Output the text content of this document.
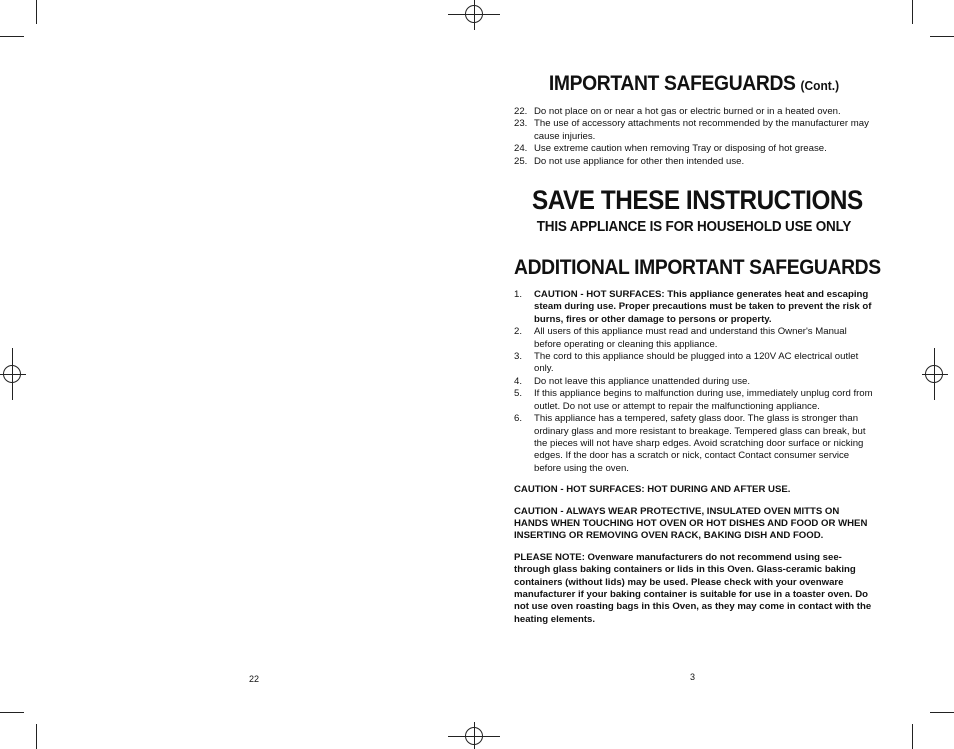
22	3
IMPORTANT SAFEGUARDS (Cont.)
22. Do not place on or near a hot gas or electric burned or in a heated oven.
23. The use of accessory attachments not recommended by the manufacturer may cause injuries.
24. Use extreme caution when removing Tray or disposing of hot grease.
25. Do not use appliance for other then intended use.
SAVE THESE INSTRUCTIONS
THIS APPLIANCE IS FOR HOUSEHOLD USE ONLY
ADDITIONAL IMPORTANT SAFEGUARDS
1. CAUTION - HOT SURFACES: This appliance generates heat and escaping steam during use. Proper precautions must be taken to prevent the risk of burns, fires or other damage to persons or property.
2. All users of this appliance must read and understand this Owner's Manual before operating or cleaning this appliance.
3. The cord to this appliance should be plugged into a 120V AC electrical outlet only.
4. Do not leave this appliance unattended during use.
5. If this appliance begins to malfunction during use, immediately unplug cord from outlet. Do not use or attempt to repair the malfunctioning appliance.
6. This appliance has a tempered, safety glass door. The glass is stronger than ordinary glass and more resistant to breakage. Tempered glass can break, but the pieces will not have sharp edges. Avoid scratching door surface or nicking edges. If the door has a scratch or nick, contact Contact consumer service before using the oven.

CAUTION - HOT SURFACES: HOT DURING AND AFTER USE.

CAUTION - ALWAYS WEAR PROTECTIVE, INSULATED OVEN MITTS ON HANDS WHEN TOUCHING HOT OVEN OR HOT DISHES AND FOOD OR WHEN INSERTING OR REMOVING OVEN RACK, BAKING DISH AND FOOD.

PLEASE NOTE: Ovenware manufacturers do not recommend using see-through glass baking containers or lids in this Oven. Glass-ceramic baking containers (without lids) may be used. Please check with your ovenware manufacturer if your baking container is suitable for use in a toaster oven. Do not use oven roasting bags in this Oven, as they may come in contact with the heating elements.
